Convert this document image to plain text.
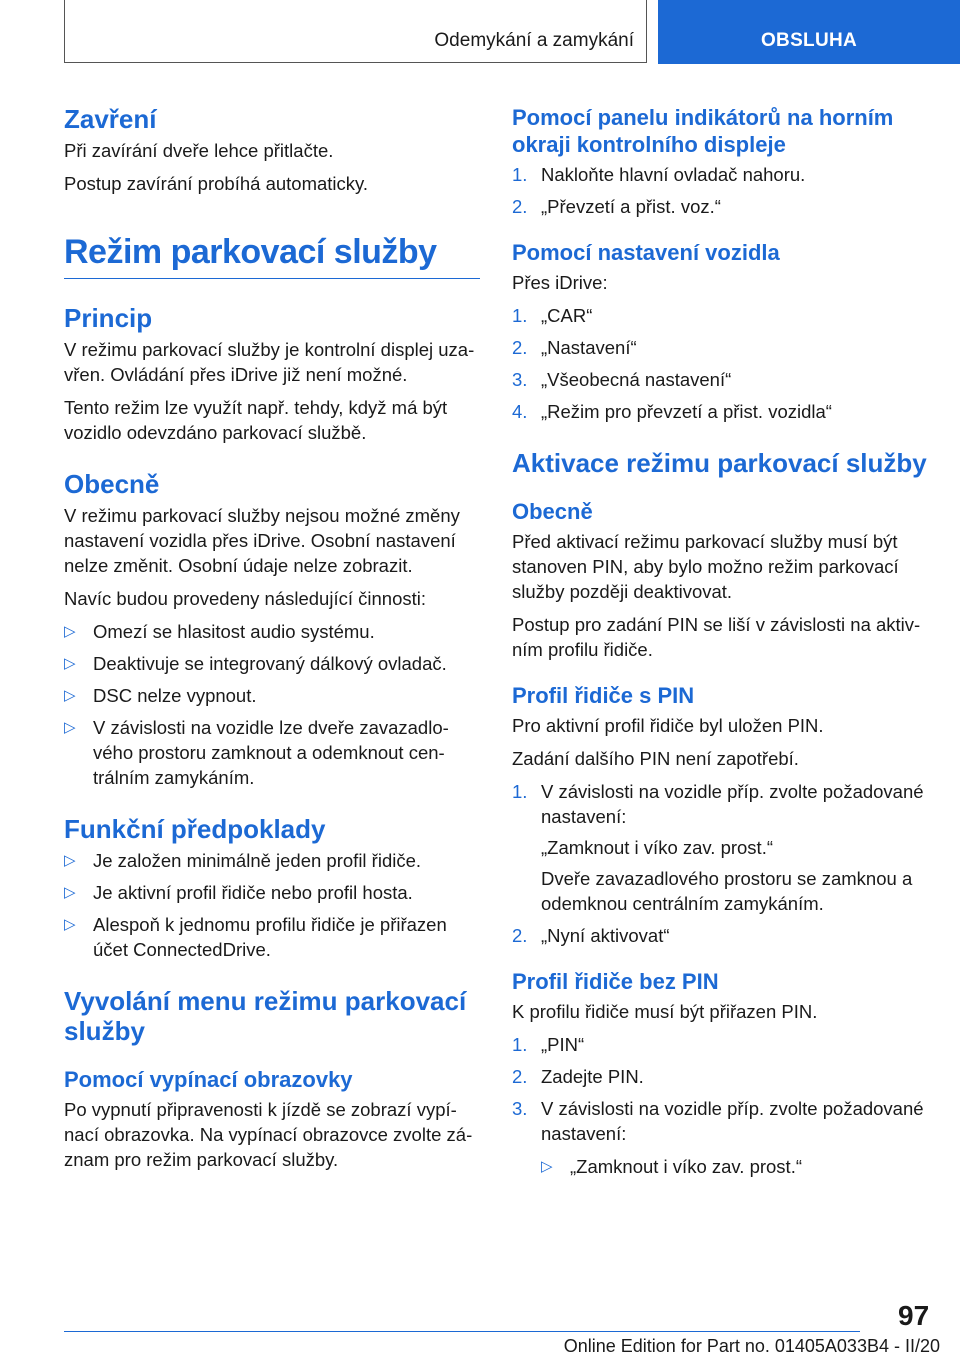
Odemykání a zamykání	OBSLUHA
Zavření

Při zavírání dveře lehce přitlačte.

Postup zavírání probíhá automaticky.

Režim parkovací služby
Princip

V režimu parkovací služby je kontrolní displej uza-vřen. Ovládání přes iDrive již není možné.

Tento režim lze využít např. tehdy, když má být vozidlo odevzdáno parkovací službě.

Obecně

V režimu parkovací služby nejsou možné změny nastavení vozidla přes iDrive. Osobní nastavení nelze změnit. Osobní údaje nelze zobrazit.

Navíc budou provedeny následující činnosti:

▷ Omezí se hlasitost audio systému.
▷ Deaktivuje se integrovaný dálkový ovladač.
▷ DSC nelze vypnout.
▷ V závislosti na vozidle lze dveře zavazadlo-vého prostoru zamknout a odemknout cen-trálním zamykáním.
Funkční předpoklady
▷ Je založen minimálně jeden profil řidiče.
▷ Je aktivní profil řidiče nebo profil hosta.
▷ Alespoň k jednomu profilu řidiče je přiřazen účet ConnectedDrive.
Vyvolání menu režimu parkovací služby
Pomocí vypínací obrazovky

Po vypnutí připravenosti k jízdě se zobrazí vypí-nací obrazovka. Na vypínací obrazovce zvolte zá-znam pro režim parkovací služby.

Pomocí panelu indikátorů na horním okraji kontrolního displeje
1. Nakloňte hlavní ovladač nahoru.
2. „Převzetí a přist. voz.“
Pomocí nastavení vozidla

Přes iDrive:

1. „CAR“
2. „Nastavení“
3. „Všeobecná nastavení“
4. „Režim pro převzetí a přist. vozidla“
Aktivace režimu parkovací služby
Obecně

Před aktivací režimu parkovací služby musí být stanoven PIN, aby bylo možno režim parkovací služby později deaktivovat.

Postup pro zadání PIN se liší v závislosti na aktiv-ním profilu řidiče.

Profil řidiče s PIN

Pro aktivní profil řidiče byl uložen PIN.

Zadání dalšího PIN není zapotřebí.

1. V závislosti na vozidle příp. zvolte požadované nastavení:

„Zamknout i víko zav. prost.“

Dveře zavazadlového prostoru se zamknou a odemknou centrálním zamykáním.

2. „Nyní aktivovat“
Profil řidiče bez PIN

K profilu řidiče musí být přiřazen PIN.

1. „PIN“
2. Zadejte PIN.
3. V závislosti na vozidle příp. zvolte požadované nastavení:
▷ „Zamknout i víko zav. prost.“
97
Online Edition for Part no. 01405A033B4 - II/20
